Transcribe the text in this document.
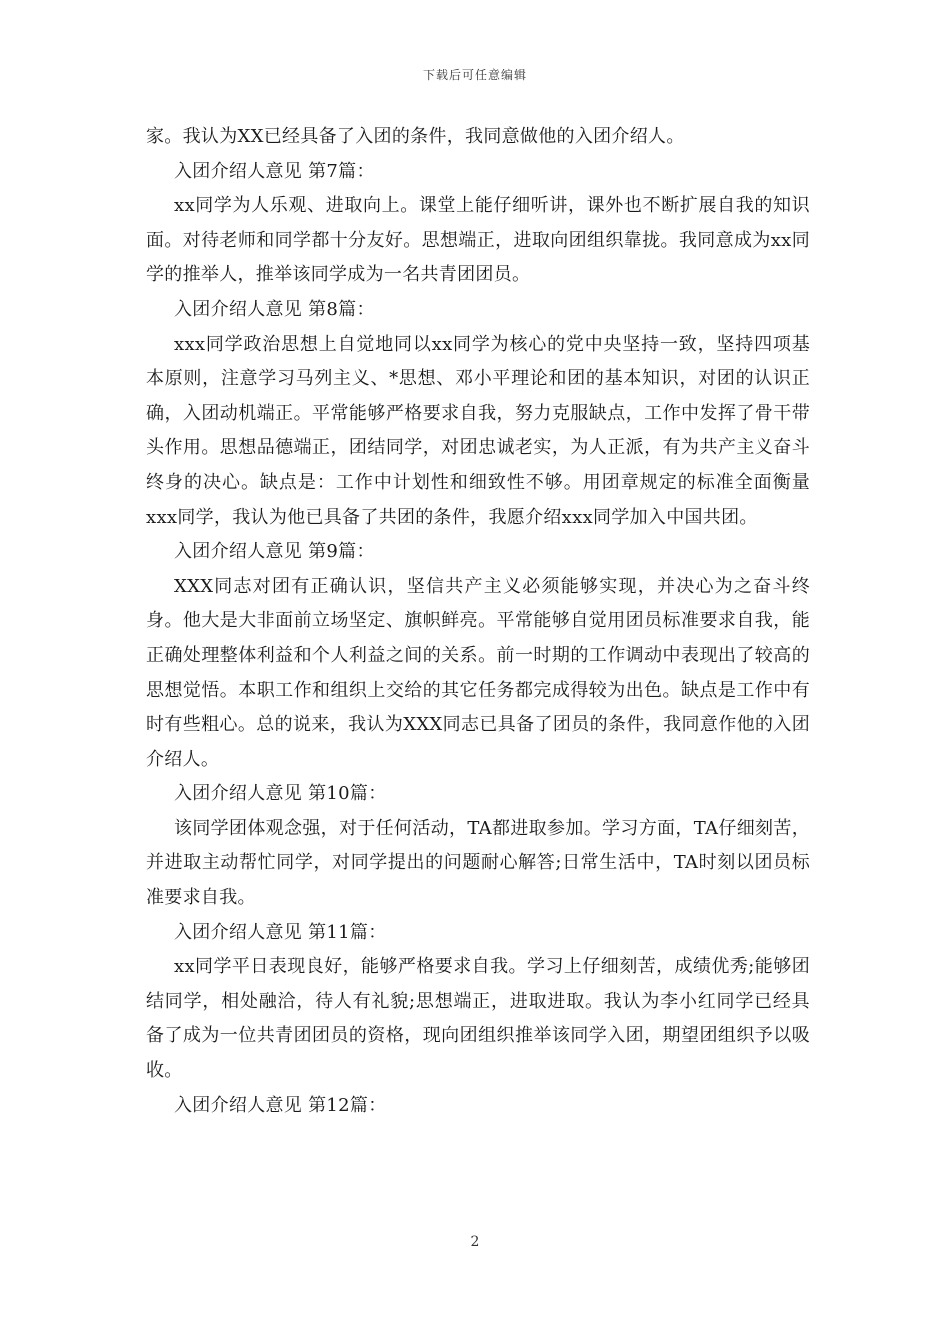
下载后可任意编辑

家。我认为XX已经具备了入团的条件，我同意做他的入团介绍人。

入团介绍人意见 第7篇：

xx同学为人乐观、进取向上。课堂上能仔细听讲，课外也不断扩展自我的知识面。对待老师和同学都十分友好。思想端正，进取向团组织靠拢。我同意成为xx同学的推举人，推举该同学成为一名共青团团员。

入团介绍人意见 第8篇：

xxx同学政治思想上自觉地同以xx同学为核心的党中央坚持一致，坚持四项基本原则，注意学习马列主义、*思想、邓小平理论和团的基本知识，对团的认识正确，入团动机端正。平常能够严格要求自我，努力克服缺点，工作中发挥了骨干带头作用。思想品德端正，团结同学，对团忠诚老实，为人正派，有为共产主义奋斗终身的决心。缺点是：工作中计划性和细致性不够。用团章规定的标准全面衡量xxx同学，我认为他已具备了共团的条件，我愿介绍xxx同学加入中国共团。

入团介绍人意见 第9篇：

XXX同志对团有正确认识，坚信共产主义必须能够实现，并决心为之奋斗终身。他大是大非面前立场坚定、旗帜鲜亮。平常能够自觉用团员标准要求自我，能正确处理整体利益和个人利益之间的关系。前一时期的工作调动中表现出了较高的思想觉悟。本职工作和组织上交给的其它任务都完成得较为出色。缺点是工作中有时有些粗心。总的说来，我认为XXX同志已具备了团员的条件，我同意作他的入团介绍人。

入团介绍人意见 第10篇：

该同学团体观念强，对于任何活动，TA都进取参加。学习方面，TA仔细刻苦，并进取主动帮忙同学，对同学提出的问题耐心解答;日常生活中，TA时刻以团员标准要求自我。

入团介绍人意见 第11篇：

xx同学平日表现良好，能够严格要求自我。学习上仔细刻苦，成绩优秀;能够团结同学，相处融洽，待人有礼貌;思想端正，进取进取。我认为李小红同学已经具备了成为一位共青团团员的资格，现向团组织推举该同学入团，期望团组织予以吸收。

入团介绍人意见 第12篇：

2
